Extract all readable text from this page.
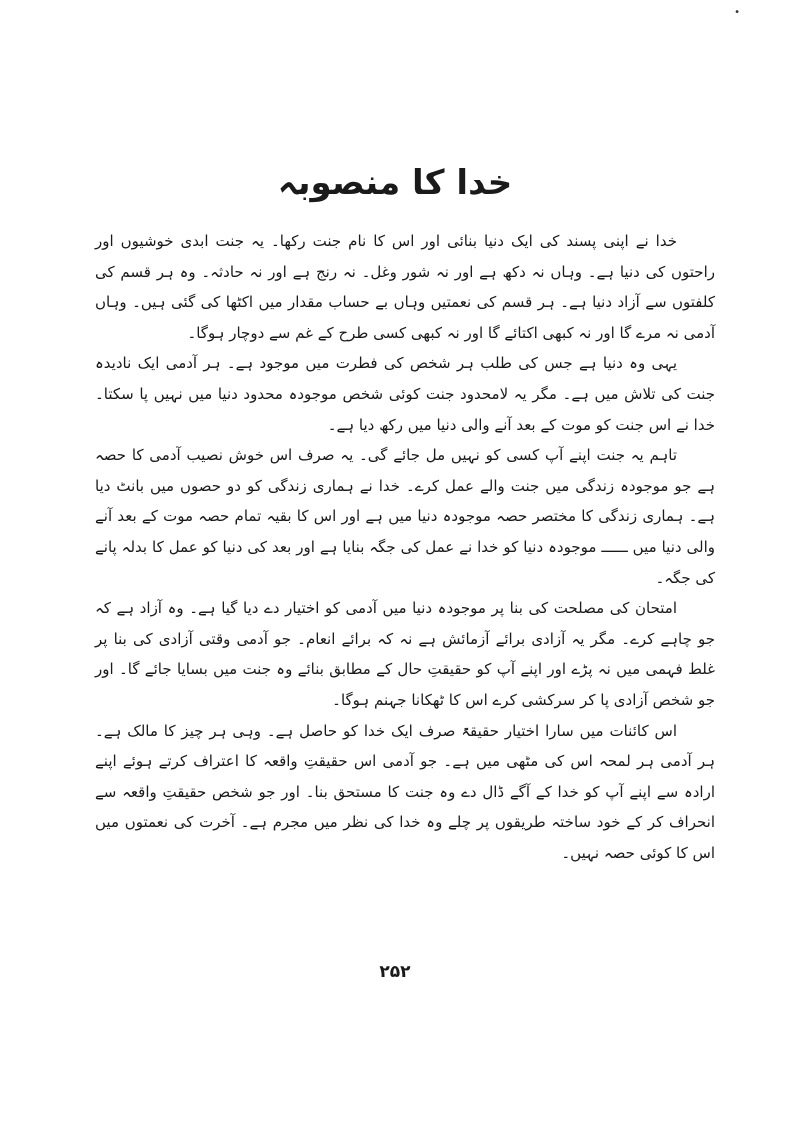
•
خدا کا منصوبہ

خدا نے اپنی پسند کی ایک دنیا بنائی اور اس کا نام جنت رکھا۔ یہ جنت ابدی خوشیوں اور راحتوں کی دنیا ہے۔ وہاں نہ دکھ ہے اور نہ شور وغل۔ نہ رنج ہے اور نہ حادثہ۔ وہ ہر قسم کی کلفتوں سے آزاد دنیا ہے۔ ہر قسم کی نعمتیں وہاں بے حساب مقدار میں اکٹھا کی گئی ہیں۔ وہاں آدمی نہ مرے گا اور نہ کبھی اکتائے گا اور نہ کبھی کسی طرح کے غم سے دوچار ہوگا۔

یہی وہ دنیا ہے جس کی طلب ہر شخص کی فطرت میں موجود ہے۔ ہر آدمی ایک نادیدہ جنت کی تلاش میں ہے۔ مگر یہ لامحدود جنت کوئی شخص موجودہ محدود دنیا میں نہیں پا سکتا۔ خدا نے اس جنت کو موت کے بعد آنے والی دنیا میں رکھ دیا ہے۔

تاہم یہ جنت اپنے آپ کسی کو نہیں مل جائے گی۔ یہ صرف اس خوش نصیب آدمی کا حصہ ہے جو موجودہ زندگی میں جنت والے عمل کرے۔ خدا نے ہماری زندگی کو دو حصوں میں بانٹ دیا ہے۔ ہماری زندگی کا مختصر حصہ موجودہ دنیا میں ہے اور اس کا بقیہ تمام حصہ موت کے بعد آنے والی دنیا میں ــــــ موجودہ دنیا کو خدا نے عمل کی جگہ بنایا ہے اور بعد کی دنیا کو عمل کا بدلہ پانے کی جگہ۔

امتحان کی مصلحت کی بنا پر موجودہ دنیا میں آدمی کو اختیار دے دیا گیا ہے۔ وہ آزاد ہے کہ جو چاہے کرے۔ مگر یہ آزادی برائے آزمائش ہے نہ کہ برائے انعام۔ جو آدمی وقتی آزادی کی بنا پر غلط فہمی میں نہ پڑے اور اپنے آپ کو حقیقتِ حال کے مطابق بنائے وہ جنت میں بسایا جائے گا۔ اور جو شخص آزادی پا کر سرکشی کرے اس کا ٹھکانا جہنم ہوگا۔

اس کائنات میں سارا اختیار حقیقۃً صرف ایک خدا کو حاصل ہے۔ وہی ہر چیز کا مالک ہے۔ ہر آدمی ہر لمحہ اس کی مٹھی میں ہے۔ جو آدمی اس حقیقتِ واقعہ کا اعتراف کرتے ہوئے اپنے ارادہ سے اپنے آپ کو خدا کے آگے ڈال دے وہ جنت کا مستحق بنا۔ اور جو شخص حقیقتِ واقعہ سے انحراف کر کے خود ساختہ طریقوں پر چلے وہ خدا کی نظر میں مجرم ہے۔ آخرت کی نعمتوں میں اس کا کوئی حصہ نہیں۔

۲۵۲
